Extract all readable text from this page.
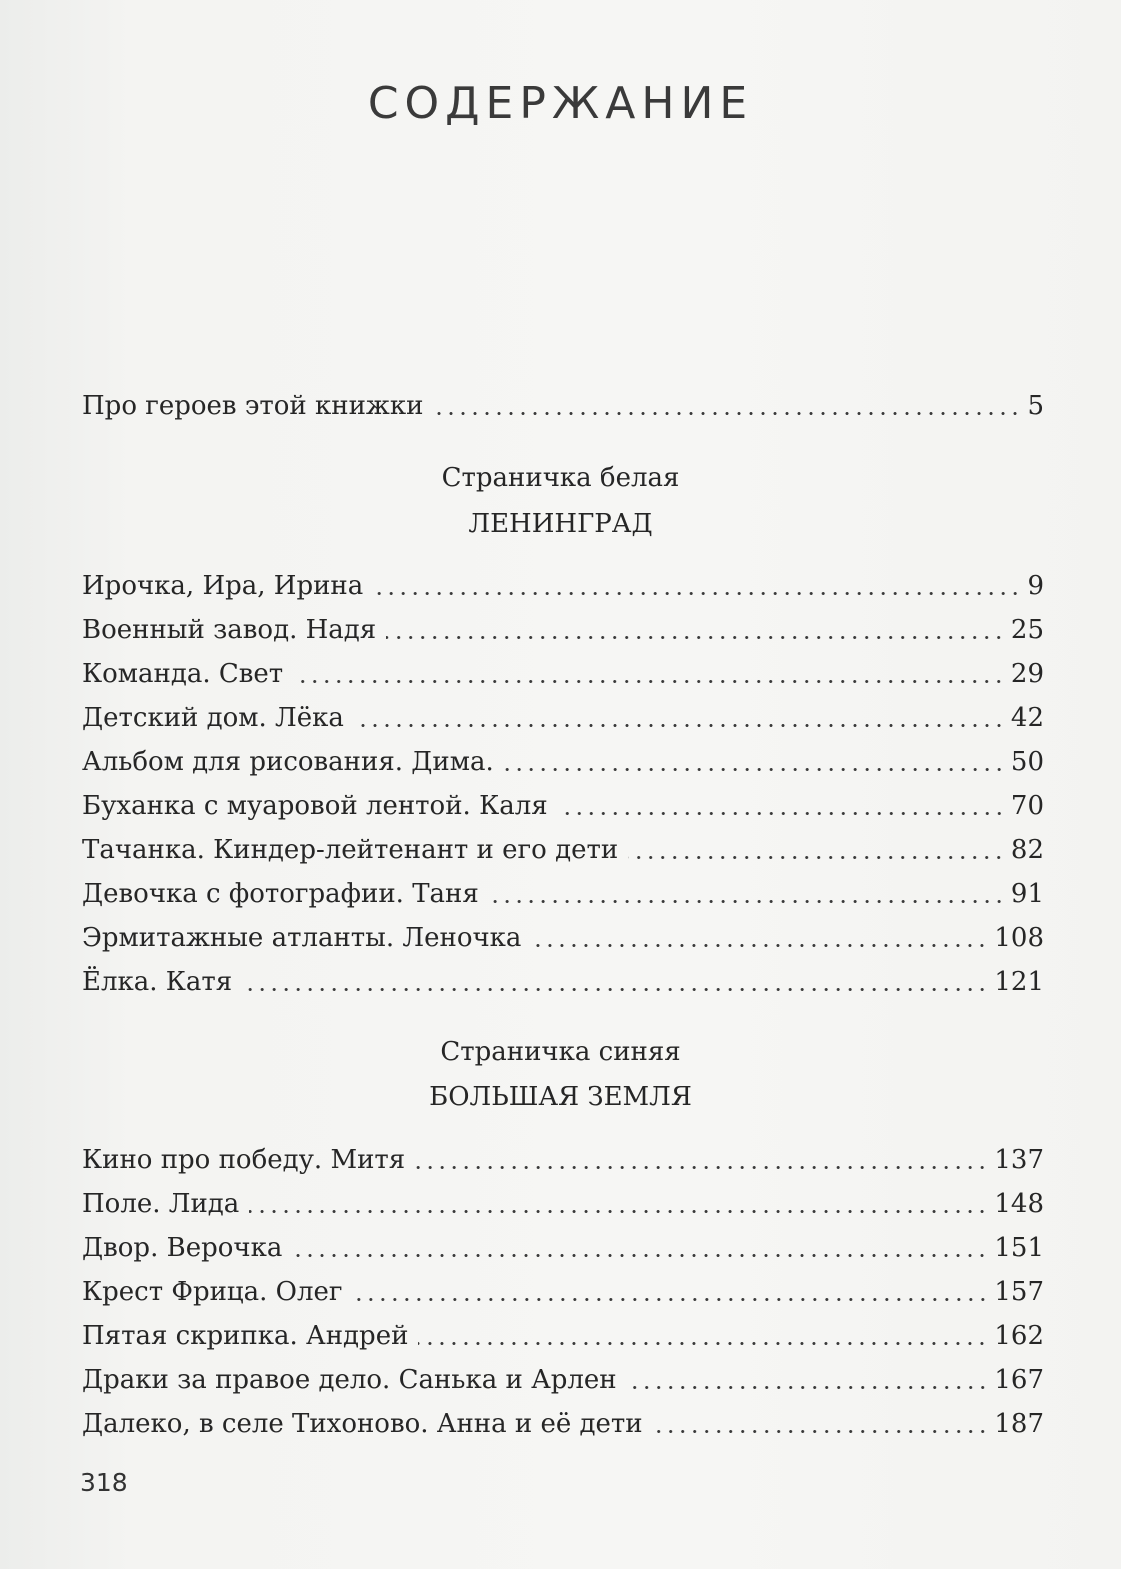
СОДЕРЖАНИЕ
Про героев этой книжки	5
Страничка белая
ЛЕНИНГРАД
Ирочка, Ира, Ирина	9
Военный завод. Надя	25
Команда. Свет	29
Детский дом. Лёка	42
Альбом для рисования. Дима.	50
Буханка с муаровой лентой. Каля	70
Тачанка. Киндер-лейтенант и его дети	82
Девочка с фотографии. Таня	91
Эрмитажные атланты. Леночка	108
Ёлка. Катя	121
Страничка синяя
БОЛЬШАЯ ЗЕМЛЯ
Кино про победу. Митя	137
Поле. Лида	148
Двор. Верочка	151
Крест Фрица. Олег	157
Пятая скрипка. Андрей	162
Драки за правое дело. Санька и Арлен	167
Далеко, в селе Тихоново. Анна и её дети	187
318
